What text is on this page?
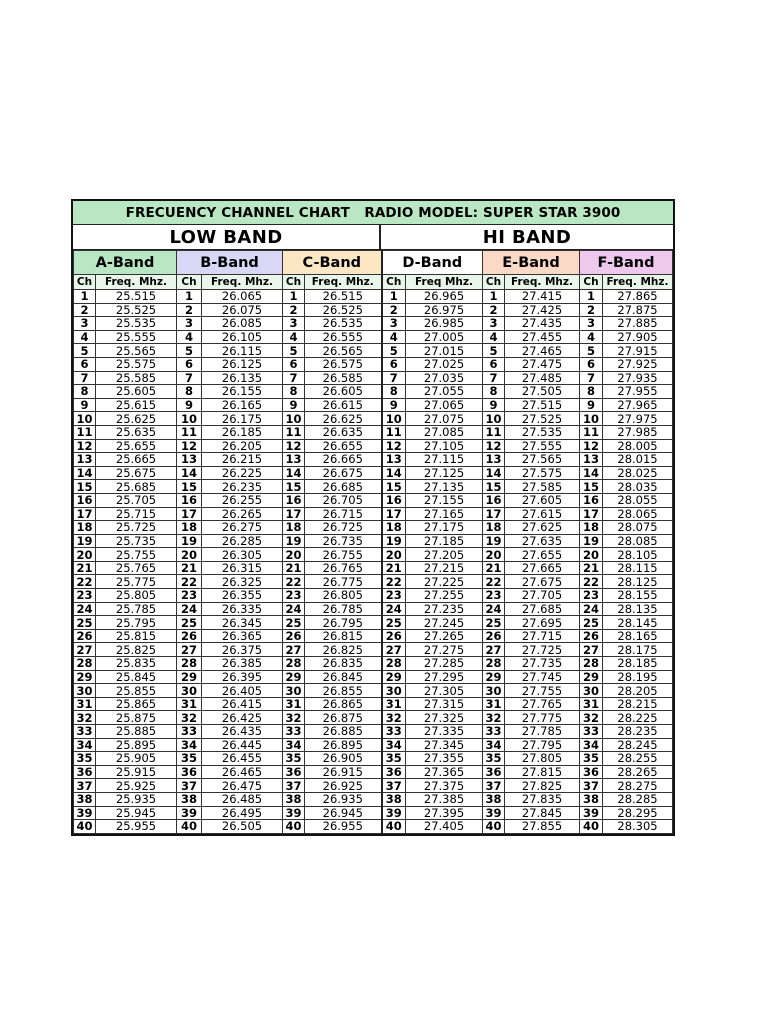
FRECUENCY CHANNEL CHART   RADIO MODEL: SUPER STAR 3900
LOW BAND	HI BAND
A-Band		B-Band		C-Band		D-Band		E-Band		F-Band	
Ch	Freq. Mhz.	Ch	Freq. Mhz.	Ch	Freq. Mhz.	Ch	Freq Mhz.	Ch	Freq. Mhz.	Ch	Freq. Mhz.
1	25.515	1	26.065	1	26.515	1	26.965	1	27.415	1	27.865
2	25.525	2	26.075	2	26.525	2	26.975	2	27.425	2	27.875
3	25.535	3	26.085	3	26.535	3	26.985	3	27.435	3	27.885
4	25.555	4	26.105	4	26.555	4	27.005	4	27.455	4	27.905
5	25.565	5	26.115	5	26.565	5	27.015	5	27.465	5	27.915
6	25.575	6	26.125	6	26.575	6	27.025	6	27.475	6	27.925
7	25.585	7	26.135	7	26.585	7	27.035	7	27.485	7	27.935
8	25.605	8	26.155	8	26.605	8	27.055	8	27.505	8	27.955
9	25.615	9	26.165	9	26.615	9	27.065	9	27.515	9	27.965
10	25.625	10	26.175	10	26.625	10	27.075	10	27.525	10	27.975
11	25.635	11	26.185	11	26.635	11	27.085	11	27.535	11	27.985
12	25.655	12	26.205	12	26.655	12	27.105	12	27.555	12	28.005
13	25.665	13	26.215	13	26.665	13	27.115	13	27.565	13	28.015
14	25.675	14	26.225	14	26.675	14	27.125	14	27.575	14	28.025
15	25.685	15	26.235	15	26.685	15	27.135	15	27.585	15	28.035
16	25.705	16	26.255	16	26.705	16	27.155	16	27.605	16	28.055
17	25.715	17	26.265	17	26.715	17	27.165	17	27.615	17	28.065
18	25.725	18	26.275	18	26.725	18	27.175	18	27.625	18	28.075
19	25.735	19	26.285	19	26.735	19	27.185	19	27.635	19	28.085
20	25.755	20	26.305	20	26.755	20	27.205	20	27.655	20	28.105
21	25.765	21	26.315	21	26.765	21	27.215	21	27.665	21	28.115
22	25.775	22	26.325	22	26.775	22	27.225	22	27.675	22	28.125
23	25.805	23	26.355	23	26.805	23	27.255	23	27.705	23	28.155
24	25.785	24	26.335	24	26.785	24	27.235	24	27.685	24	28.135
25	25.795	25	26.345	25	26.795	25	27.245	25	27.695	25	28.145
26	25.815	26	26.365	26	26.815	26	27.265	26	27.715	26	28.165
27	25.825	27	26.375	27	26.825	27	27.275	27	27.725	27	28.175
28	25.835	28	26.385	28	26.835	28	27.285	28	27.735	28	28.185
29	25.845	29	26.395	29	26.845	29	27.295	29	27.745	29	28.195
30	25.855	30	26.405	30	26.855	30	27.305	30	27.755	30	28.205
31	25.865	31	26.415	31	26.865	31	27.315	31	27.765	31	28.215
32	25.875	32	26.425	32	26.875	32	27.325	32	27.775	32	28.225
33	25.885	33	26.435	33	26.885	33	27.335	33	27.785	33	28.235
34	25.895	34	26.445	34	26.895	34	27.345	34	27.795	34	28.245
35	25.905	35	26.455	35	26.905	35	27.355	35	27.805	35	28.255
36	25.915	36	26.465	36	26.915	36	27.365	36	27.815	36	28.265
37	25.925	37	26.475	37	26.925	37	27.375	37	27.825	37	28.275
38	25.935	38	26.485	38	26.935	38	27.385	38	27.835	38	28.285
39	25.945	39	26.495	39	26.945	39	27.395	39	27.845	39	28.295
40	25.955	40	26.505	40	26.955	40	27.405	40	27.855	40	28.305
